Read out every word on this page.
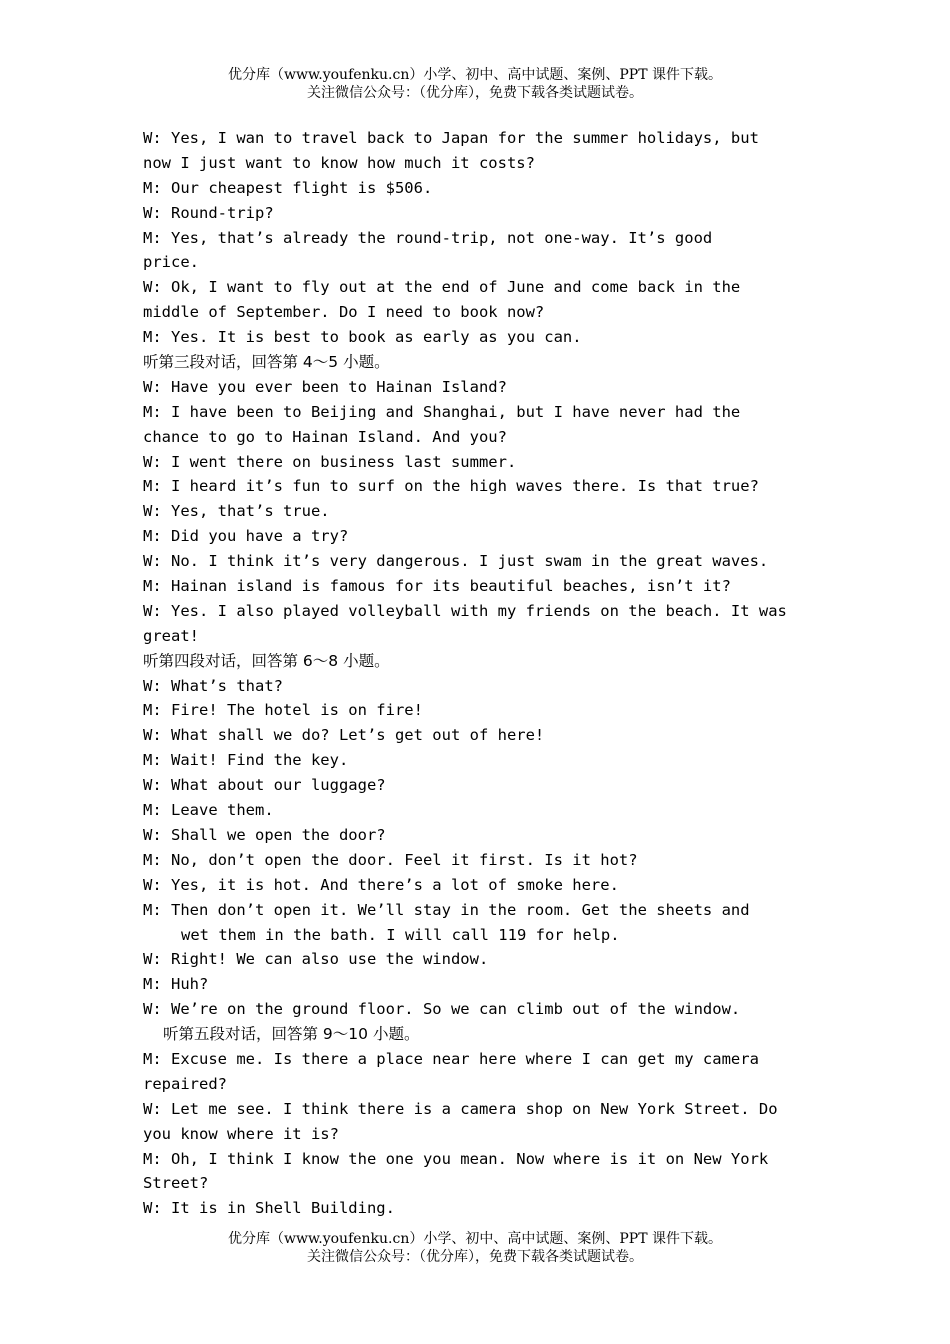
优分库（www.youfenku.cn）小学、初中、高中试题、案例、PPT 课件下载。
关注微信公众号：（优分库），免费下载各类试题试卷。
W: Yes, I wan to travel back to Japan for the summer holidays, but
now I just want to know how much it costs?
M: Our cheapest flight is $506.
W: Round-trip?
M: Yes, that’s already the round-trip, not one-way. It’s good
price.
W: Ok, I want to fly out at the end of June and come back in the
middle of September. Do I need to book now?
M: Yes. It is best to book as early as you can.
听第三段对话，回答第 4～5 小题。
W: Have you ever been to Hainan Island?
M: I have been to Beijing and Shanghai, but I have never had the
chance to go to Hainan Island. And you?
W: I went there on business last summer.
M: I heard it’s fun to surf on the high waves there. Is that true?
W: Yes, that’s true.
M: Did you have a try?
W: No. I think it’s very dangerous. I just swam in the great waves.
M: Hainan island is famous for its beautiful beaches, isn’t it?
W: Yes. I also played volleyball with my friends on the beach. It was
great!
听第四段对话，回答第 6～8 小题。
W: What’s that?
M: Fire! The hotel is on fire!
W: What shall we do? Let’s get out of here!
M: Wait! Find the key.
W: What about our luggage?
M: Leave them.
W: Shall we open the door?
M: No, don’t open the door. Feel it first. Is it hot?
W: Yes, it is hot. And there’s a lot of smoke here.
M: Then don’t open it. We’ll stay in the room. Get the sheets and
wet them in the bath. I will call 119 for help.
W: Right! We can also use the window.
M: Huh?
W: We’re on the ground floor. So we can climb out of the window.
听第五段对话，回答第 9～10 小题。
M: Excuse me. Is there a place near here where I can get my camera
repaired?
W: Let me see. I think there is a camera shop on New York Street. Do
you know where it is?
M: Oh, I think I know the one you mean. Now where is it on New York
Street?
W: It is in Shell Building.
优分库（www.youfenku.cn）小学、初中、高中试题、案例、PPT 课件下载。
关注微信公众号：（优分库），免费下载各类试题试卷。
